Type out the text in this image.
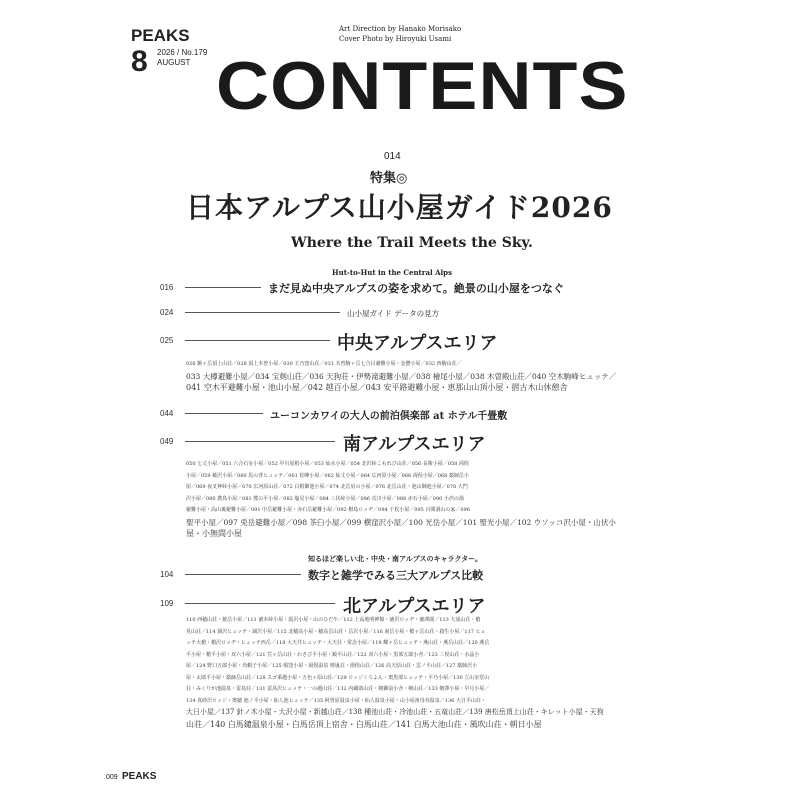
PEAKS
8 2026 / No.179
AUGUST
Art Direction by Hanako Morisako
Cover Photo by Hiroyuki Usami
CONTENTS
014
特集◎
日本アルプス山小屋ガイド2026
Where the Trail Meets the Sky.
Hut-to-Hut in the Central Alps
016	まだ見ぬ中央アルプスの姿を求めて。絶景の山小屋をつなぐ
024	山小屋ガイド データの見方
025	中央アルプスエリア
026 駒ヶ岳頂上山荘／028 頂上木曽小屋／030 玉乃窪山荘／031 木曽駒ヶ岳七合目避難小屋・金懸小屋／032 西駒山荘／
033 大樽避難小屋／034 宝剣山荘／036 天狗荘・伊勢滝避難小屋／038 檜尾小屋／038 木曽殿山荘／040 空木駒峰ヒュッテ／
041 空木平避難小屋・池山小屋／042 越百小屋／043 安平路避難小屋・恵那山山頂小屋・摺古木山休憩舎
044	ユーコンカワイの大人の前泊倶楽部 at ホテル千畳敷
049	南アルプスエリア
050 七丈小屋／051 六合石室小屋／052 早川尾根小屋／053 仙水小屋／054 北沢峠こもれび山荘／056 長衛小屋／058 両俣
小屋／059 薮沢小屋／060 馬の背ヒュッテ／061 松峰小屋／062 仙丈小屋／064 広河原小屋／066 両俣小屋／068 薬師岳小
屋／069 夜叉神峠小屋／070 広河原山荘／072 白根御池小屋／074 北岳肩の小屋／076 北岳山荘・池山御池小屋／078 大門
沢小屋／080 農鳥小屋／081 熊の平小屋／082 塩見小屋／084 三伏峠小屋／086 荒川小屋／088 赤石小屋／090 小渋の湯
避難小屋・高山裏避難小屋／091 中岳避難小屋・赤石岳避難小屋／092 椹島ロッヂ／094 千枚小屋／095 百間洞山の家／096
聖平小屋／097 兎岳避難小屋／098 茶臼小屋／099 横窪沢小屋／100 光岳小屋／101 聖光小屋／102 ウソッコ沢小屋・山伏小
屋・小無間小屋
知るほど楽しい北・中央・南アルプスのキャラクター。
104	数字と雑学でみる三大アルプス比較
109	北アルプスエリア
110 西穂山荘・焼岳小屋／111 徳本峠小屋・霞沢小屋・山のひだや／112 上高地明神館・徳沢ロッヂ・徳澤園／113 大滝山荘・槍
見山荘／114 涸沢ヒュッテ・涸沢小屋／115 北穂高小屋・穂高岳山荘・岳沢小屋／116 南岳小屋・槍ヶ岳山荘・殺生小屋／117 ヒュ
ッテ大槍・槍沢ロッヂ・ヒュッテ西岳／118 大天井ヒュッテ・大天荘・常念小屋／119 蝶ヶ岳ヒュッテ・燕山荘・燕岳山荘／120 燕岳
平小屋・槍平小屋・双六小屋／121 笠ヶ岳山荘・わさび平小屋・鏡平山荘／122 双六小屋・黒部五郎小舎／123 三俣山荘・水晶小
屋／124 野口五郎小屋・烏帽子小屋／125 船窪小屋・湯俣温泉 晴嵐荘・湯俣山荘／126 高天原山荘・雲ノ平山荘／127 薬師沢小
屋・太郎平小屋・薬師岳山荘／128 スゴ乗越小屋・五色ヶ原山荘／129 ロッジくろよん・奥黒部ヒュッテ・平乃小屋／130 立山室堂山
荘・みくりが池温泉・雷鳥荘／131 雷鳥沢ヒュッテ・一の越山荘／132 内蔵助山荘・剱御前小舎・剱山荘／133 剱澤小屋・早月小屋／
134 真砂沢ロッジ・奥穂 池ノ平小屋・仙人池ヒュッテ／135 阿曽原温泉小屋・仙人温泉小屋・山小屋祖母谷温泉／136 大日平山荘・
大日小屋／137 針ノ木小屋・大沢小屋・新越山荘／138 種池山荘・冷池山荘・五竜山荘／139 唐松岳頂上山荘・キレット小屋・天狗
山荘／140 白馬鑓温泉小屋・白馬岳頂上宿舎・白馬山荘／141 白馬大池山荘・風吹山荘・朝日小屋
009 PEAKS
